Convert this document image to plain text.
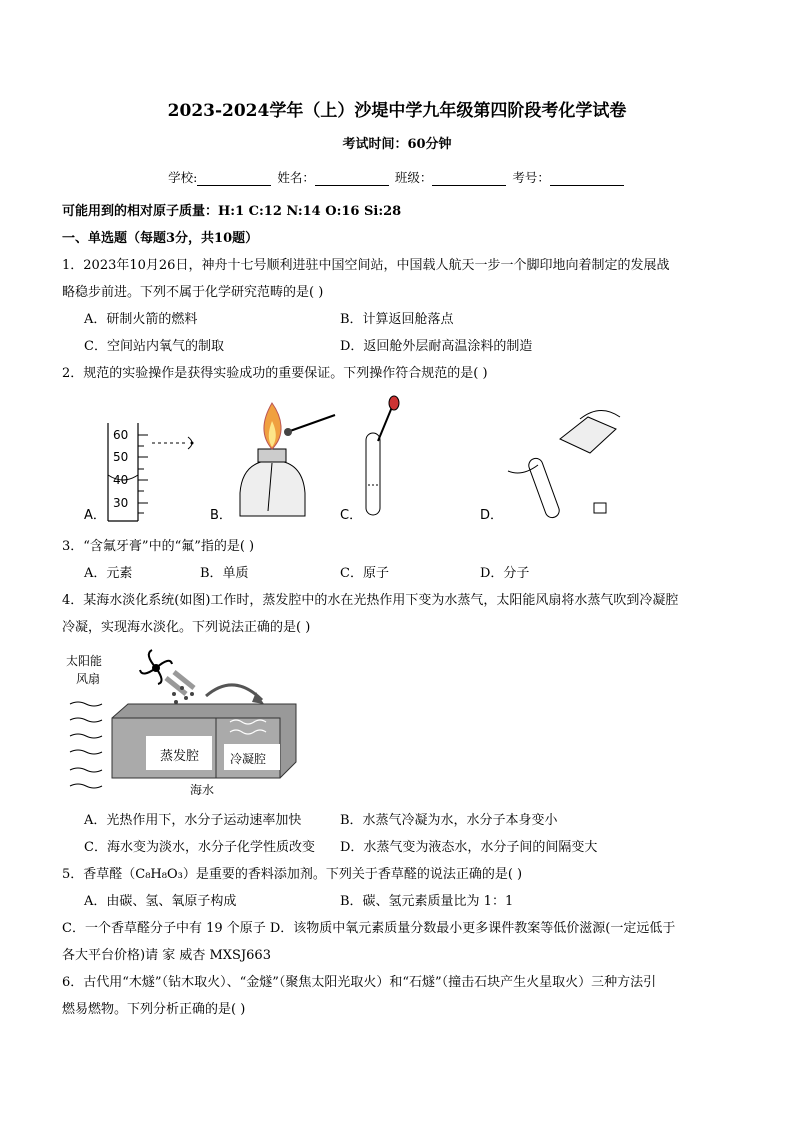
2023-2024学年（上）沙堤中学九年级第四阶段考化学试卷
考试时间：60分钟
学校:	姓名：	班级：	考号：
可能用到的相对原子质量：H:1 C:12 N:14 O:16 Si:28
一、单选题（每题3分，共10题）
1．2023年10月26日，神舟十七号顺利进驻中国空间站，中国载人航天一步一个脚印地向着制定的发展战
略稳步前进。下列不属于化学研究范畴的是( )
A．研制火箭的燃料	B．计算返回舱落点
C．空间站内氧气的制取	D．返回舱外层耐高温涂料的制造
2．规范的实验操作是获得实验成功的重要保证。下列操作符合规范的是( )
60
50
40
30
A．	B．	C．	D．
3．“含氟牙膏”中的“氟”指的是( )
A．元素	B．单质	C．原子	D．分子
4．某海水淡化系统(如图)工作时，蒸发腔中的水在光热作用下变为水蒸气，太阳能风扇将水蒸气吹到冷凝腔
冷凝，实现海水淡化。下列说法正确的是( )
太阳能
风扇
蒸发腔	冷凝腔
海水
A．光热作用下，水分子运动速率加快	B．水蒸气冷凝为水，水分子本身变小
C．海水变为淡水，水分子化学性质改变 D．水蒸气变为液态水，水分子间的间隔变大
5．香草醛（C₈H₈O₃）是重要的香料添加剂。下列关于香草醛的说法正确的是( )
A．由碳、氢、氧原子构成	B．碳、氢元素质量比为 1：1
C．一个香草醛分子中有 19 个原子 D．该物质中氧元素质量分数最小更多课件教案等低价滋源(一定远低于
各大平台价格)请 家 威杏 MXSJ663
6．古代用“木燧”（钻木取火）、“金燧”（聚焦太阳光取火）和“石燧”（撞击石块产生火星取火）三种方法引
燃易燃物。下列分析正确的是( )
